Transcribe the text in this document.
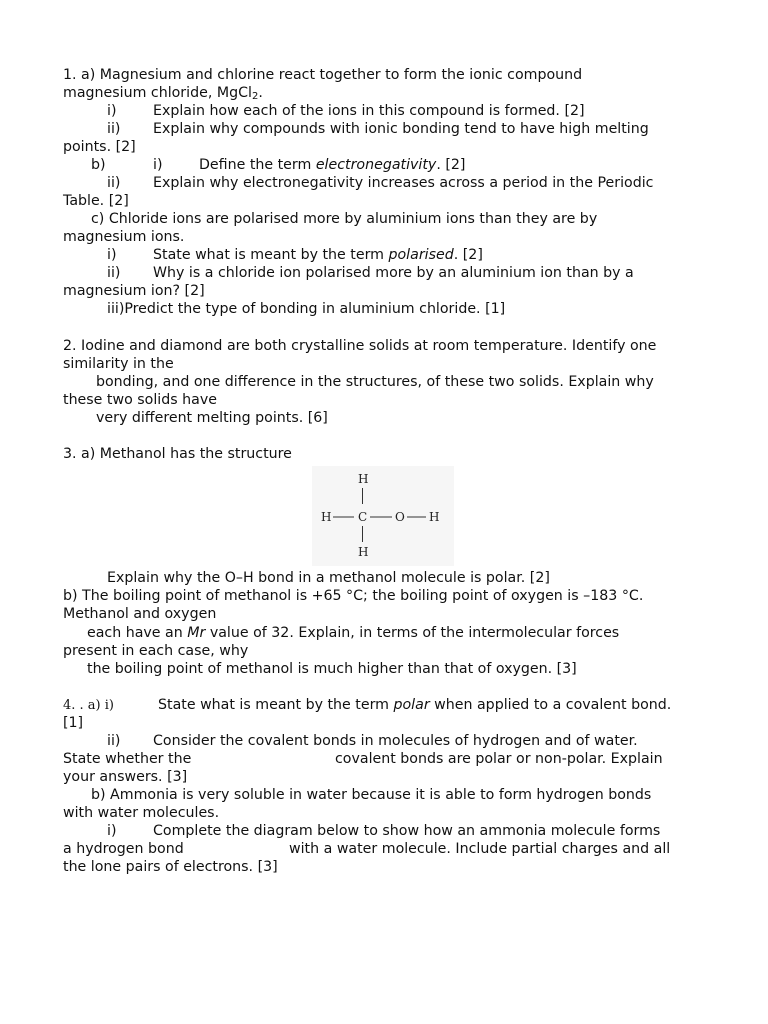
1. a) Magnesium and chlorine react together to form the ionic compound
magnesium chloride, MgCl$_2$.
i)	Explain how each of the ions in this compound is formed. [2]
ii) Explain why compounds with ionic bonding tend to have high melting
points. [2]
b)	i)	Define the term electronegativity. [2]
ii) Explain why electronegativity increases across a period in the Periodic
Table. [2]
c) Chloride ions are polarised more by aluminium ions than they are by
magnesium ions.
i)	State what is meant by the term polarised. [2]
ii) Why is a chloride ion polarised more by an aluminium ion than by a
magnesium ion? [2]
iii)Predict the type of bonding in aluminium chloride. [1]
2. Iodine and diamond are both crystalline solids at room temperature. Identify one
similarity in the
bonding, and one difference in the structures, of these two solids. Explain why
these two solids have
very different melting points. [6]
3. a) Methanol has the structure
H
H C O H
H
Explain why the O–H bond in a methanol molecule is polar. [2]
b) The boiling point of methanol is +65 °C; the boiling point of oxygen is –183 °C.
Methanol and oxygen
each have an Mr value of 32. Explain, in terms of the intermolecular forces
present in each case, why
the boiling point of methanol is much higher than that of oxygen. [3]
4. . a) i)	State what is meant by the term polar when applied to a covalent bond.
[1]
ii) Consider the covalent bonds in molecules of hydrogen and of water.
State whether the	covalent bonds are polar or non-polar. Explain
your answers. [3]
b) Ammonia is very soluble in water because it is able to form hydrogen bonds
with water molecules.
i)	Complete the diagram below to show how an ammonia molecule forms
a hydrogen bond	with a water molecule. Include partial charges and all
the lone pairs of electrons. [3]
